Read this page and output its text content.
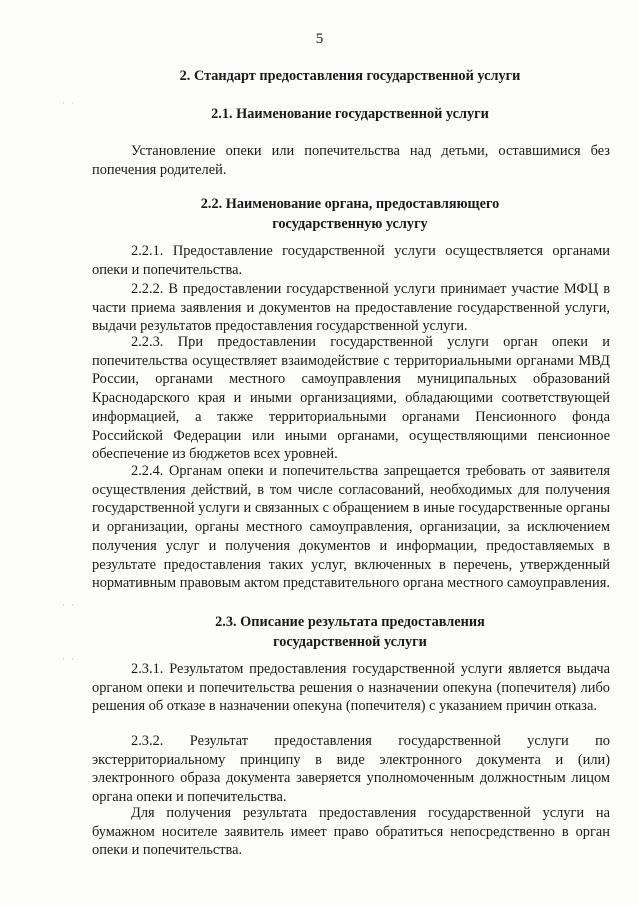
5
2. Стандарт предоставления государственной услуги
2.1. Наименование государственной услуги

Установление опеки или попечительства над детьми, оставшимися без попечения родителей.

2.2. Наименование органа, предоставляющего
государственную услугу

2.2.1. Предоставление государственной услуги осуществляется органами опеки и попечительства.

2.2.2. В предоставлении государственной услуги принимает участие МФЦ в части приема заявления и документов на предоставление государственной услуги, выдачи результатов предоставления государственной услуги.

2.2.3. При предоставлении государственной услуги орган опеки и попечительства осуществляет взаимодействие с территориальными органами МВД России, органами местного самоуправления муниципальных образований Краснодарского края и иными организациями, обладающими соответствующей информацией, а также территориальными органами Пенсионного фонда Российской Федерации или иными органами, осуществляющими пенсионное обеспечение из бюджетов всех уровней.

2.2.4. Органам опеки и попечительства запрещается требовать от заявителя осуществления действий, в том числе согласований, необходимых для получения государственной услуги и связанных с обращением в иные государственные органы и организации, органы местного самоуправления, организации, за исключением получения услуг и получения документов и информации, предоставляемых в результате предоставления таких услуг, включенных в перечень, утвержденный нормативным правовым актом представительного органа местного самоуправления.

2.3. Описание результата предоставления
государственной услуги

2.3.1. Результатом предоставления государственной услуги является выдача органом опеки и попечительства решения о назначении опекуна (попечителя) либо решения об отказе в назначении опекуна (попечителя) с указанием причин отказа.

2.3.2. Результат предоставления государственной услуги по экстерриториальному принципу в виде электронного документа и (или) электронного образа документа заверяется уполномоченным должностным лицом органа опеки и попечительства.

Для получения результата предоставления государственной услуги на бумажном носителе заявитель имеет право обратиться непосредственно в орган опеки и попечительства.

· ·
· ·
· ·
